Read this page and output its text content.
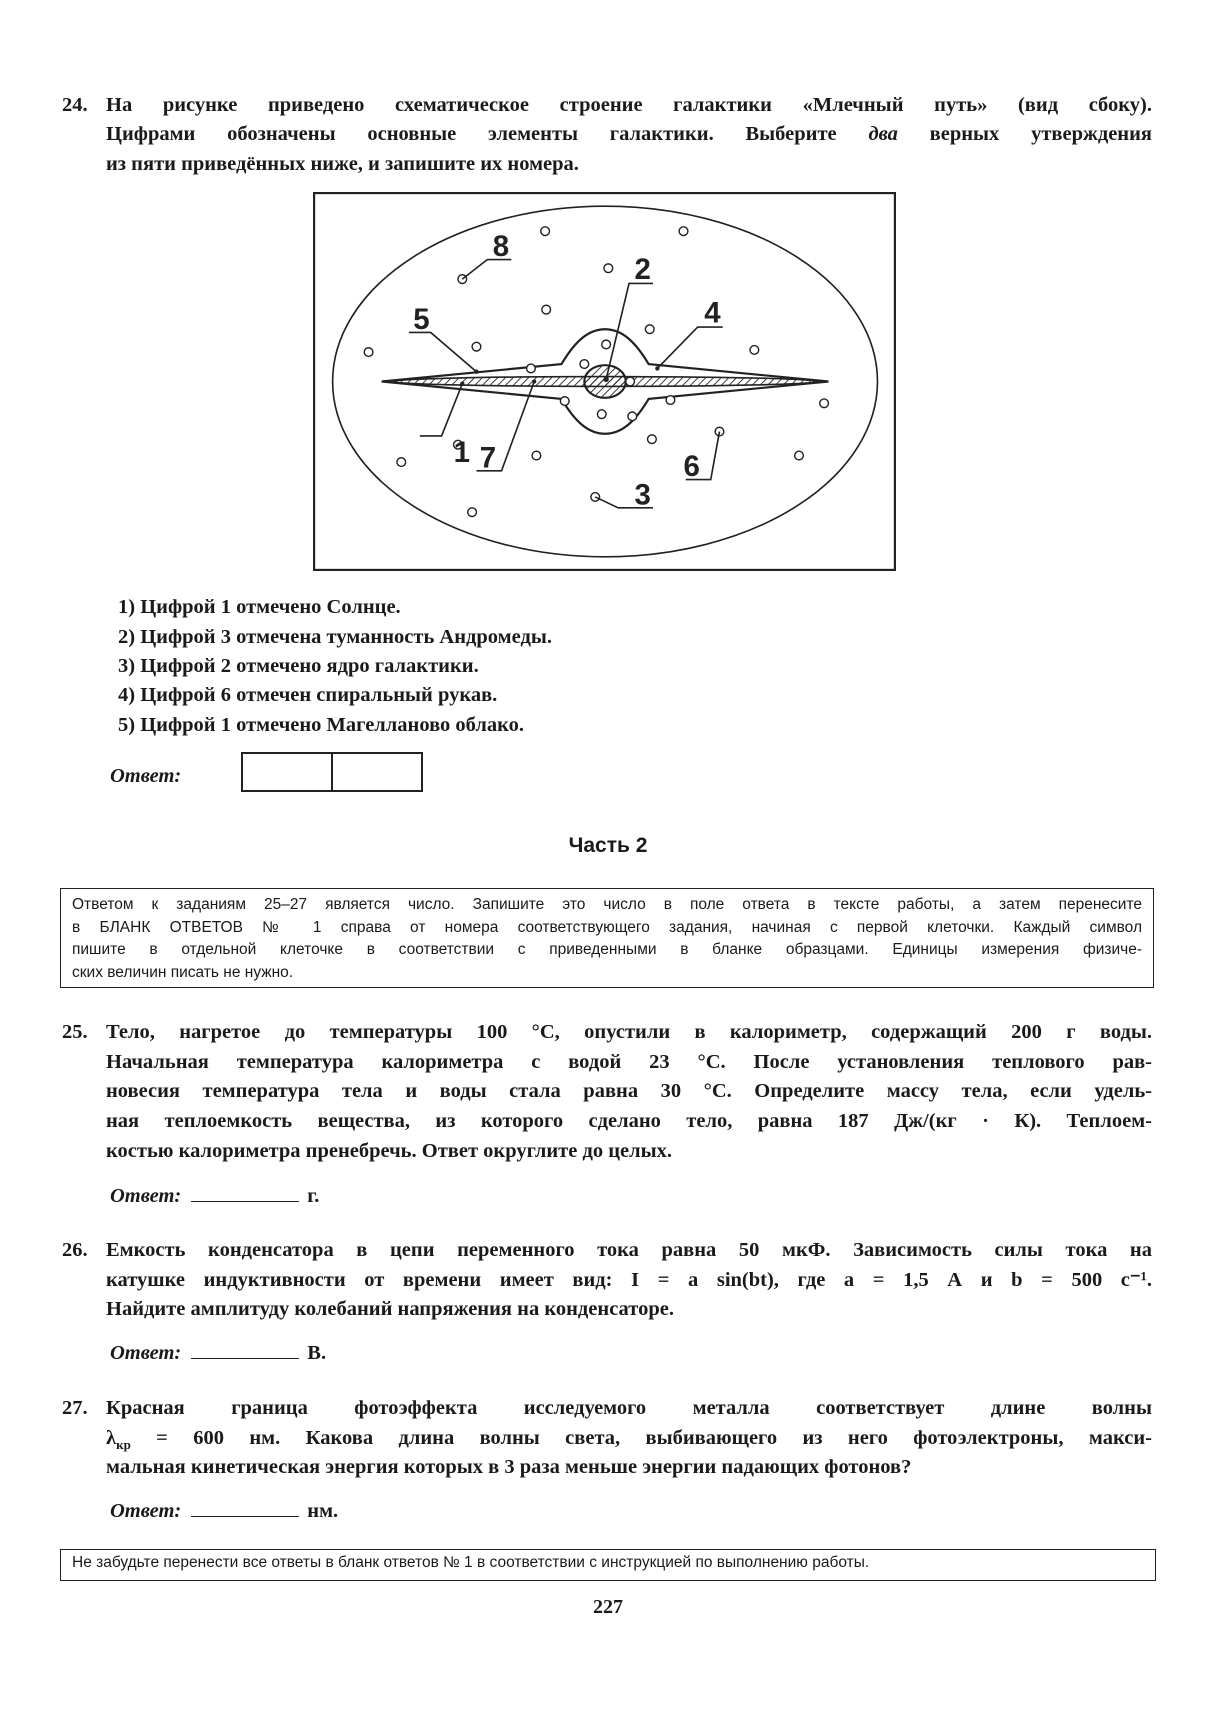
24. На рисунке приведено схематическое строение галактики «Млечный путь» (вид сбоку).
Цифрами обозначены основные элементы галактики. Выберите два верных утверждения
из пяти приведённых ниже, и запишите их номера.
1
2
3
4
5
6
7
8
1) Цифрой 1 отмечено Солнце.
2) Цифрой 3 отмечена туманность Андромеды.
3) Цифрой 2 отмечено ядро галактики.
4) Цифрой 6 отмечен спиральный рукав.
5) Цифрой 1 отмечено Магелланово облако.
Ответ:
Часть 2
Ответом к заданиям 25–27 является число. Запишите это число в поле ответа в тексте работы, а затем перенесите
в БЛАНК ОТВЕТОВ № 1 справа от номера соответствующего задания, начиная с первой клеточки. Каждый символ
пишите в отдельной клеточке в соответствии с приведенными в бланке образцами. Единицы измерения физиче-
ских величин писать не нужно.
25. Тело, нагретое до температуры 100 °С, опустили в калориметр, содержащий 200 г воды.
Начальная температура калориметра с водой 23 °С. После установления теплового рав-
новесия температура тела и воды стала равна 30 °С. Определите массу тела, если удель-
ная теплоемкость вещества, из которого сделано тело, равна 187 Дж/(кг · К). Теплоем-
костью калориметра пренебречь. Ответ округлите до целых.
Ответ:	г.
26. Емкость конденсатора в цепи переменного тока равна 50 мкФ. Зависимость силы тока на
катушке индуктивности от времени имеет вид: I = a sin(bt), где a = 1,5 А и b = 500 с⁻¹.
Найдите амплитуду колебаний напряжения на конденсаторе.
Ответ:	В.
27. Красная граница фотоэффекта исследуемого металла соответствует длине волны
$\lambda_{кр} = 600$ нм. Какова длина волны света, выбивающего из него фотоэлектроны, макси-
мальная кинетическая энергия которых в 3 раза меньше энергии падающих фотонов?
Ответ:	нм.
Не забудьте перенести все ответы в бланк ответов № 1 в соответствии с инструкцией по выполнению работы.
227
